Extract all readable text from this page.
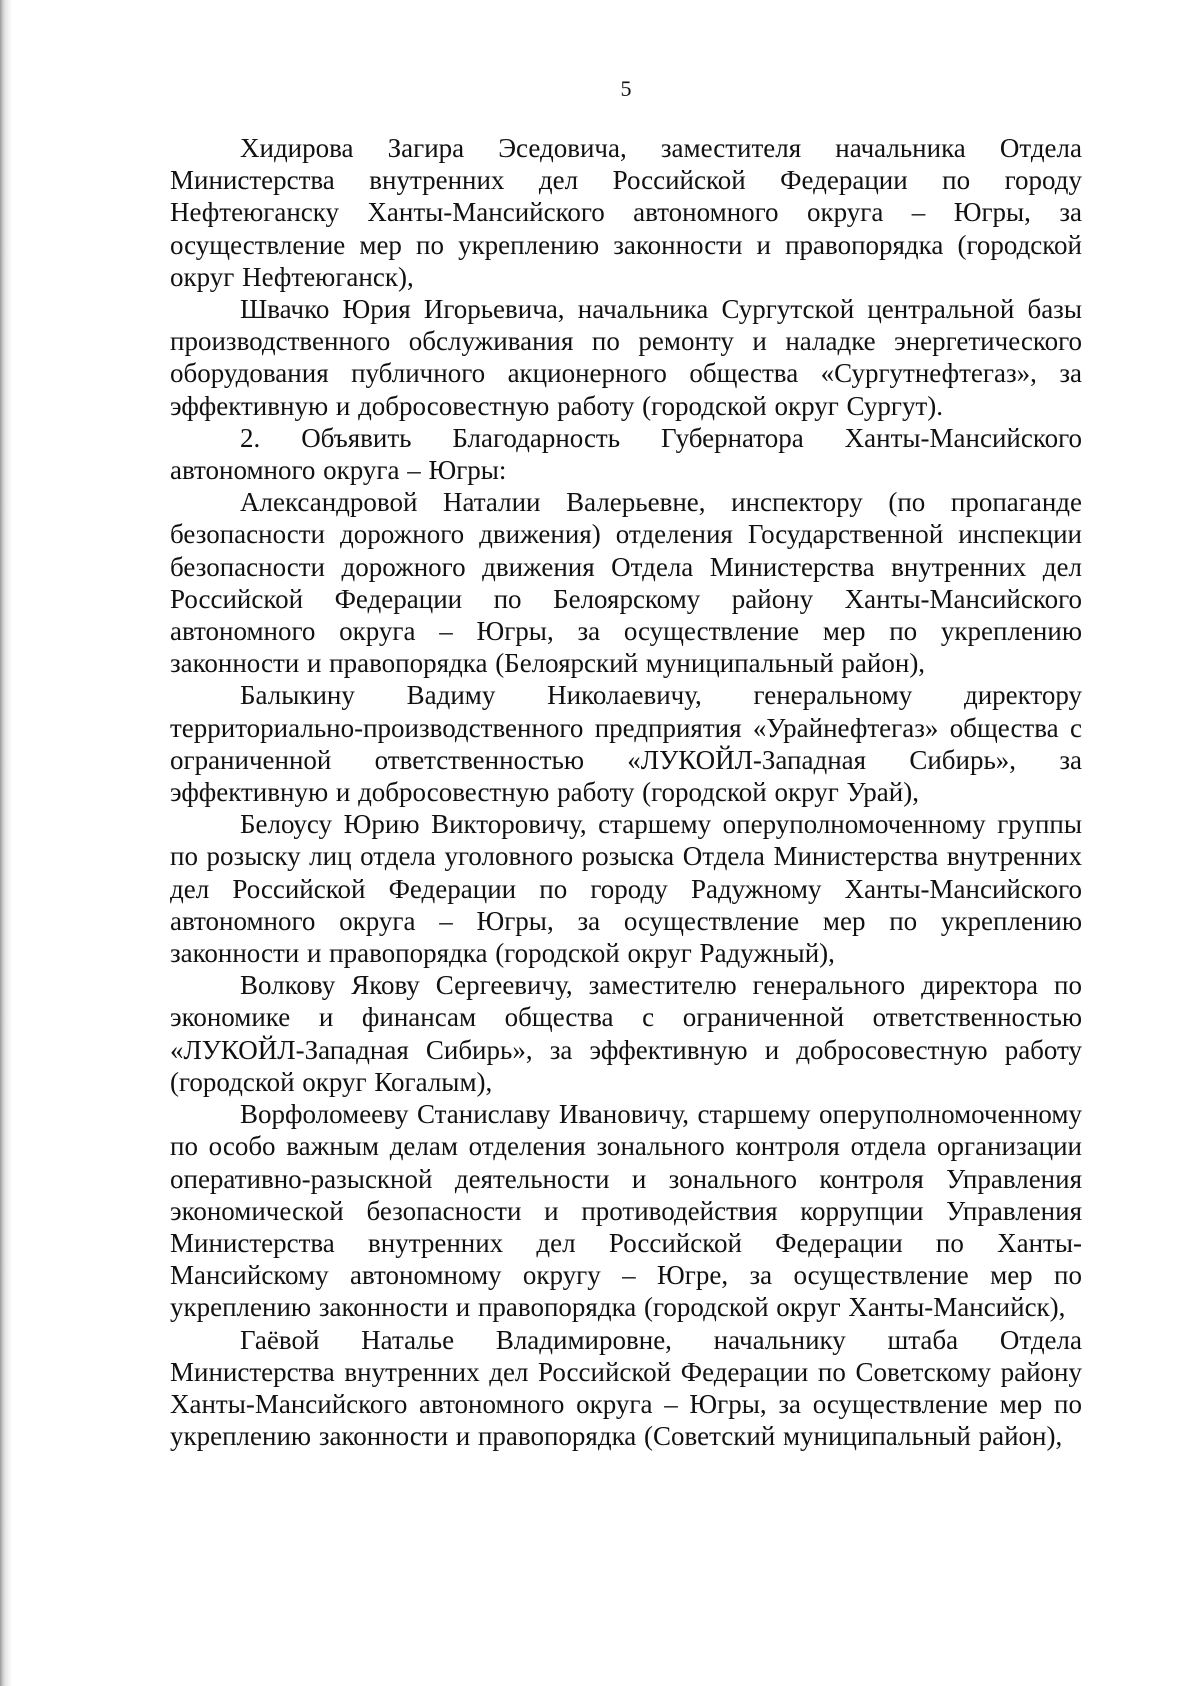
5

Хидирова Загира Эседовича, заместителя начальника Отдела Министерства внутренних дел Российской Федерации по городу Нефтеюганску Ханты-Мансийского автономного округа – Югры, за осуществление мер по укреплению законности и правопорядка (городской округ Нефтеюганск),

Швачко Юрия Игорьевича, начальника Сургутской центральной базы производственного обслуживания по ремонту и наладке энергетического оборудования публичного акционерного общества «Сургутнефтегаз», за эффективную и добросовестную работу (городской округ Сургут).

2. Объявить Благодарность Губернатора Ханты-Мансийского автономного округа – Югры:

Александровой Наталии Валерьевне, инспектору (по пропаганде безопасности дорожного движения) отделения Государственной инспекции безопасности дорожного движения Отдела Министерства внутренних дел Российской Федерации по Белоярскому району Ханты-Мансийского автономного округа – Югры, за осуществление мер по укреплению законности и правопорядка (Белоярский муниципальный район),

Балыкину Вадиму Николаевичу, генеральному директору территориально-производственного предприятия «Урайнефтегаз» общества с ограниченной ответственностью «ЛУКОЙЛ-Западная Сибирь», за эффективную и добросовестную работу (городской округ Урай),

Белоусу Юрию Викторовичу, старшему оперуполномоченному группы по розыску лиц отдела уголовного розыска Отдела Министерства внутренних дел Российской Федерации по городу Радужному Ханты-Мансийского автономного округа – Югры, за осуществление мер по укреплению законности и правопорядка (городской округ Радужный),

Волкову Якову Сергеевичу, заместителю генерального директора по экономике и финансам общества с ограниченной ответственностью «ЛУКОЙЛ-Западная Сибирь», за эффективную и добросовестную работу (городской округ Когалым),

Ворфоломееву Станиславу Ивановичу, старшему оперуполномоченному по особо важным делам отделения зонального контроля отдела организации оперативно-разыскной деятельности и зонального контроля Управления экономической безопасности и противодействия коррупции Управления Министерства внутренних дел Российской Федерации по Ханты-Мансийскому автономному округу – Югре, за осуществление мер по укреплению законности и правопорядка (городской округ Ханты-Мансийск),

Гаёвой Наталье Владимировне, начальнику штаба Отдела Министерства внутренних дел Российской Федерации по Советскому району Ханты-Мансийского автономного округа – Югры, за осуществление мер по укреплению законности и правопорядка (Советский муниципальный район),
